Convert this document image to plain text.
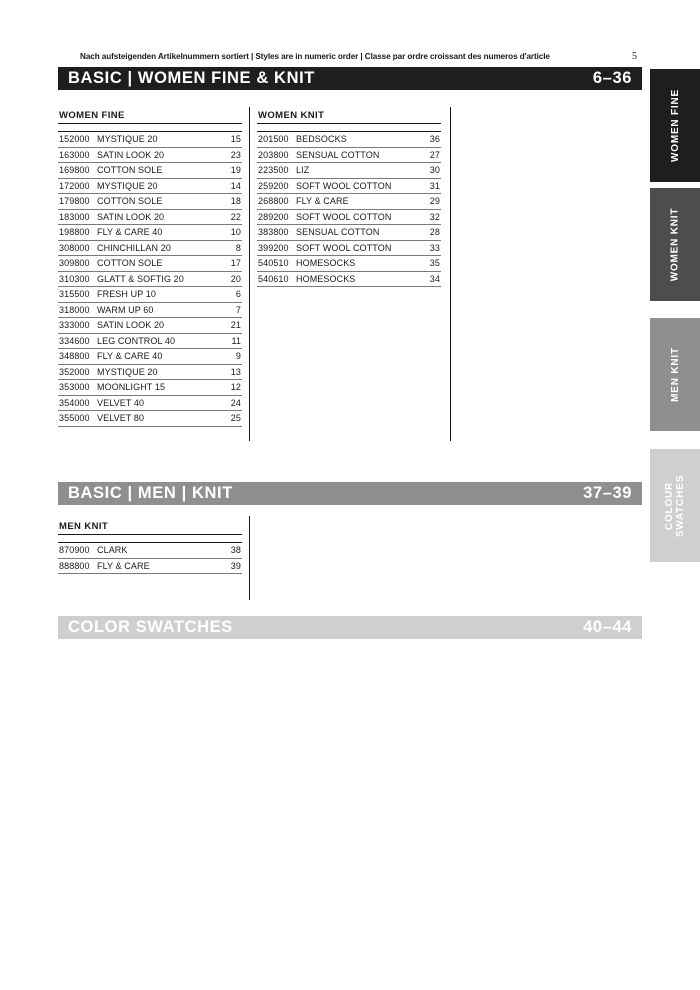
Nach aufsteigenden Artikelnummern sortiert | Styles are in numeric order | Classe par ordre croissant des numeros d'article	5
BASIC | WOMEN FINE & KNIT	6–36
WOMEN FINE
152000 MYSTIQUE 20	15
163000 SATIN LOOK 20	23
169800 COTTON SOLE	19
172000 MYSTIQUE 20	14
179800 COTTON SOLE	18
183000 SATIN LOOK 20	22
198800 FLY & CARE 40	10
308000 CHINCHILLAN 20	8
309800 COTTON SOLE	17
310300 GLATT & SOFTIG 20	20
315500 FRESH UP 10	6
318000 WARM UP 60	7
333000 SATIN LOOK 20	21
334600 LEG CONTROL 40	11
348800 FLY & CARE 40	9
352000 MYSTIQUE 20	13
353000 MOONLIGHT 15	12
354000 VELVET 40	24
355000 VELVET 80	25
WOMEN KNIT
201500 BEDSOCKS	36
203800 SENSUAL COTTON	27
223500 LIZ	30
259200 SOFT WOOL COTTON	31
268800 FLY & CARE	29
289200 SOFT WOOL COTTON	32
383800 SENSUAL COTTON	28
399200 SOFT WOOL COTTON	33
540510 HOMESOCKS	35
540610 HOMESOCKS	34
BASIC | MEN | KNIT	37–39
MEN KNIT
870900 CLARK	38
888800 FLY & CARE	39
COLOR SWATCHES	40–44
WOMEN FINE
WOMEN KNIT
MEN KNIT
COLOUR SWATCHES
